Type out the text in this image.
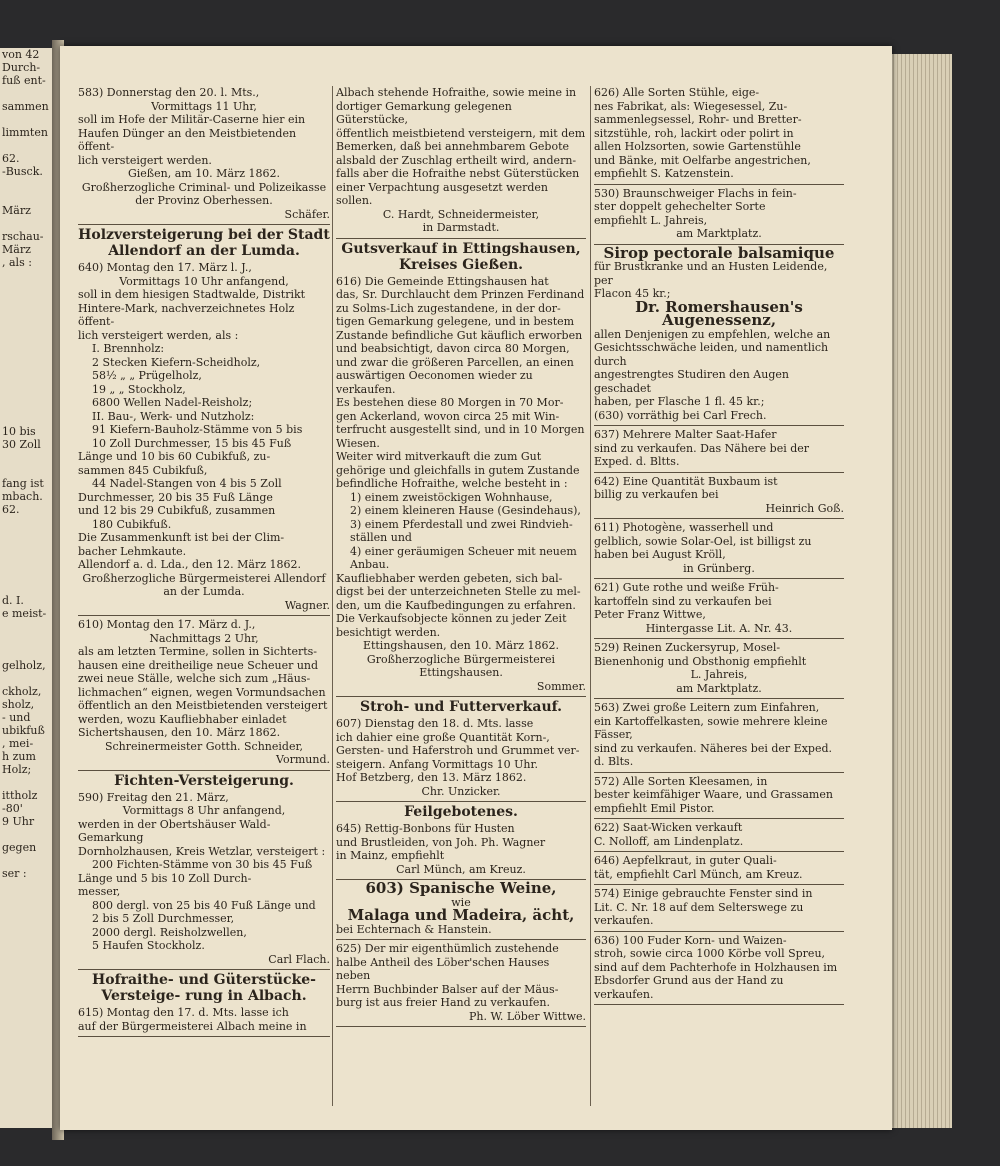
von 42

Durch-

fuß ent-

sammen

limmten

62.

-Busck.

März

rschau-

März

, als :

10 bis

30 Zoll

fang ist

mbach.

62.

d. I.

e meist-

gelholz,

ckholz,

sholz,

- und

ubikfuß

, mei-

h zum

Holz;

ittholz

-80'

9 Uhr

gegen

ser :

583) Donnerstag den 20. l. Mts.,

Vormittags 11 Uhr,

soll im Hofe der Militär-Caserne hier ein

Haufen Dünger an den Meistbietenden öffent-

lich versteigert werden.

Gießen, am 10. März 1862.

Großherzogliche Criminal- und Polizeikasse

der Provinz Oberhessen.

Schäfer.

Holzversteigerung bei der Stadt Allendorf an der Lumda.

640) Montag den 17. März l. J.,

Vormittags 10 Uhr anfangend,

soll in dem hiesigen Stadtwalde, Distrikt

Hintere-Mark, nachverzeichnetes Holz öffent-

lich versteigert werden, als :

I. Brennholz:

2 Stecken Kiefern-Scheidholz,

58½ „ „ Prügelholz,

19 „ „ Stockholz,

6800 Wellen Nadel-Reisholz;

II. Bau-, Werk- und Nutzholz:

91 Kiefern-Bauholz-Stämme von 5 bis

10 Zoll Durchmesser, 15 bis 45 Fuß

Länge und 10 bis 60 Cubikfuß, zu-

sammen 845 Cubikfuß,

44 Nadel-Stangen von 4 bis 5 Zoll

Durchmesser, 20 bis 35 Fuß Länge

und 12 bis 29 Cubikfuß, zusammen

180 Cubikfuß.

Die Zusammenkunft ist bei der Clim-

bacher Lehmkaute.

Allendorf a. d. Lda., den 12. März 1862.

Großherzogliche Bürgermeisterei Allendorf

an der Lumda.

Wagner.

610) Montag den 17. März d. J.,

Nachmittags 2 Uhr,

als am letzten Termine, sollen in Sichterts-

hausen eine dreitheilige neue Scheuer und

zwei neue Ställe, welche sich zum „Häus-

lichmachen“ eignen, wegen Vormundsachen

öffentlich an den Meistbietenden versteigert

werden, wozu Kaufliebhaber einladet

Sichertshausen, den 10. März 1862.

Schreinermeister Gotth. Schneider,

Vormund.

Fichten-Versteigerung.

590) Freitag den 21. März,

Vormittags 8 Uhr anfangend,

werden in der Obertshäuser Wald-Gemarkung

Dornholzhausen, Kreis Wetzlar, versteigert :

200 Fichten-Stämme von 30 bis 45 Fuß

Länge und 5 bis 10 Zoll Durch-

messer,

800 dergl. von 25 bis 40 Fuß Länge und

2 bis 5 Zoll Durchmesser,

2000 dergl. Reisholzwellen,

5 Haufen Stockholz.

Carl Flach.

Hofraithe- und Güterstücke-Versteige- rung in Albach.

615) Montag den 17. d. Mts. lasse ich

auf der Bürgermeisterei Albach meine in

Albach stehende Hofraithe, sowie meine in

dortiger Gemarkung gelegenen Güterstücke,

öffentlich meistbietend versteigern, mit dem

Bemerken, daß bei annehmbarem Gebote

alsbald der Zuschlag ertheilt wird, andern-

falls aber die Hofraithe nebst Güterstücken

einer Verpachtung ausgesetzt werden sollen.

C. Hardt, Schneidermeister,

in Darmstadt.

Gutsverkauf in Ettingshausen, Kreises Gießen.

616) Die Gemeinde Ettingshausen hat

das, Sr. Durchlaucht dem Prinzen Ferdinand

zu Solms-Lich zugestandene, in der dor-

tigen Gemarkung gelegene, und in bestem

Zustande befindliche Gut käuflich erworben

und beabsichtigt, davon circa 80 Morgen,

und zwar die größeren Parcellen, an einen

auswärtigen Oeconomen wieder zu verkaufen.

Es bestehen diese 80 Morgen in 70 Mor-

gen Ackerland, wovon circa 25 mit Win-

terfrucht ausgestellt sind, und in 10 Morgen

Wiesen.

Weiter wird mitverkauft die zum Gut

gehörige und gleichfalls in gutem Zustande

befindliche Hofraithe, welche besteht in :

1) einem zweistöckigen Wohnhause,

2) einem kleineren Hause (Gesindehaus),

3) einem Pferdestall und zwei Rindvieh-

ställen und

4) einer geräumigen Scheuer mit neuem

Anbau.

Kaufliebhaber werden gebeten, sich bal-

digst bei der unterzeichneten Stelle zu mel-

den, um die Kaufbedingungen zu erfahren.

Die Verkaufsobjecte können zu jeder Zeit

besichtigt werden.

Ettingshausen, den 10. März 1862.

Großherzogliche Bürgermeisterei

Ettingshausen.

Sommer.

Stroh- und Futterverkauf.

607) Dienstag den 18. d. Mts. lasse

ich dahier eine große Quantität Korn-,

Gersten- und Haferstroh und Grummet ver-

steigern. Anfang Vormittags 10 Uhr.

Hof Betzberg, den 13. März 1862.

Chr. Unzicker.

Feilgebotenes.

645) Rettig-Bonbons für Husten

und Brustleiden, von Joh. Ph. Wagner

in Mainz, empfiehlt

Carl Münch, am Kreuz.

603) Spanische Weine,

wie

Malaga und Madeira, ächt,

bei Echternach & Hanstein.

625) Der mir eigenthümlich zustehende

halbe Antheil des Löber'schen Hauses neben

Herrn Buchbinder Balser auf der Mäus-

burg ist aus freier Hand zu verkaufen.

Ph. W. Löber Wittwe.

626) Alle Sorten Stühle, eige-

nes Fabrikat, als: Wiegesessel, Zu-

sammenlegsessel, Rohr- und Bretter-

sitzstühle, roh, lackirt oder polirt in

allen Holzsorten, sowie Gartenstühle

und Bänke, mit Oelfarbe angestrichen,

empfiehlt S. Katzenstein.

530) Braunschweiger Flachs in fein-

ster doppelt gehechelter Sorte

empfiehlt L. Jahreis,

am Marktplatz.

Sirop pectorale balsamique

für Brustkranke und an Husten Leidende, per

Flacon 45 kr.;

Dr. Romershausen's Augenessenz,

allen Denjenigen zu empfehlen, welche an

Gesichtsschwäche leiden, und namentlich durch

angestrengtes Studiren den Augen geschadet

haben, per Flasche 1 fl. 45 kr.;

(630) vorräthig bei Carl Frech.

637) Mehrere Malter Saat-Hafer

sind zu verkaufen. Das Nähere bei der

Exped. d. Bltts.

642) Eine Quantität Buxbaum ist

billig zu verkaufen bei

Heinrich Goß.

611) Photogène, wasserhell und

gelblich, sowie Solar-Oel, ist billigst zu

haben bei August Kröll,

in Grünberg.

621) Gute rothe und weiße Früh-

kartoffeln sind zu verkaufen bei

Peter Franz Wittwe,

Hintergasse Lit. A. Nr. 43.

529) Reinen Zuckersyrup, Mosel-

Bienenhonig und Obsthonig empfiehlt

L. Jahreis,

am Marktplatz.

563) Zwei große Leitern zum Einfahren,

ein Kartoffelkasten, sowie mehrere kleine Fässer,

sind zu verkaufen. Näheres bei der Exped.

d. Blts.

572) Alle Sorten Kleesamen, in

bester keimfähiger Waare, und Grassamen

empfiehlt Emil Pistor.

622) Saat-Wicken verkauft

C. Nolloff, am Lindenplatz.

646) Aepfelkraut, in guter Quali-

tät, empfiehlt Carl Münch, am Kreuz.

574) Einige gebrauchte Fenster sind in

Lit. C. Nr. 18 auf dem Selterswege zu

verkaufen.

636) 100 Fuder Korn- und Waizen-

stroh, sowie circa 1000 Körbe voll Spreu,

sind auf dem Pachterhofe in Holzhausen im

Ebsdorfer Grund aus der Hand zu verkaufen.
